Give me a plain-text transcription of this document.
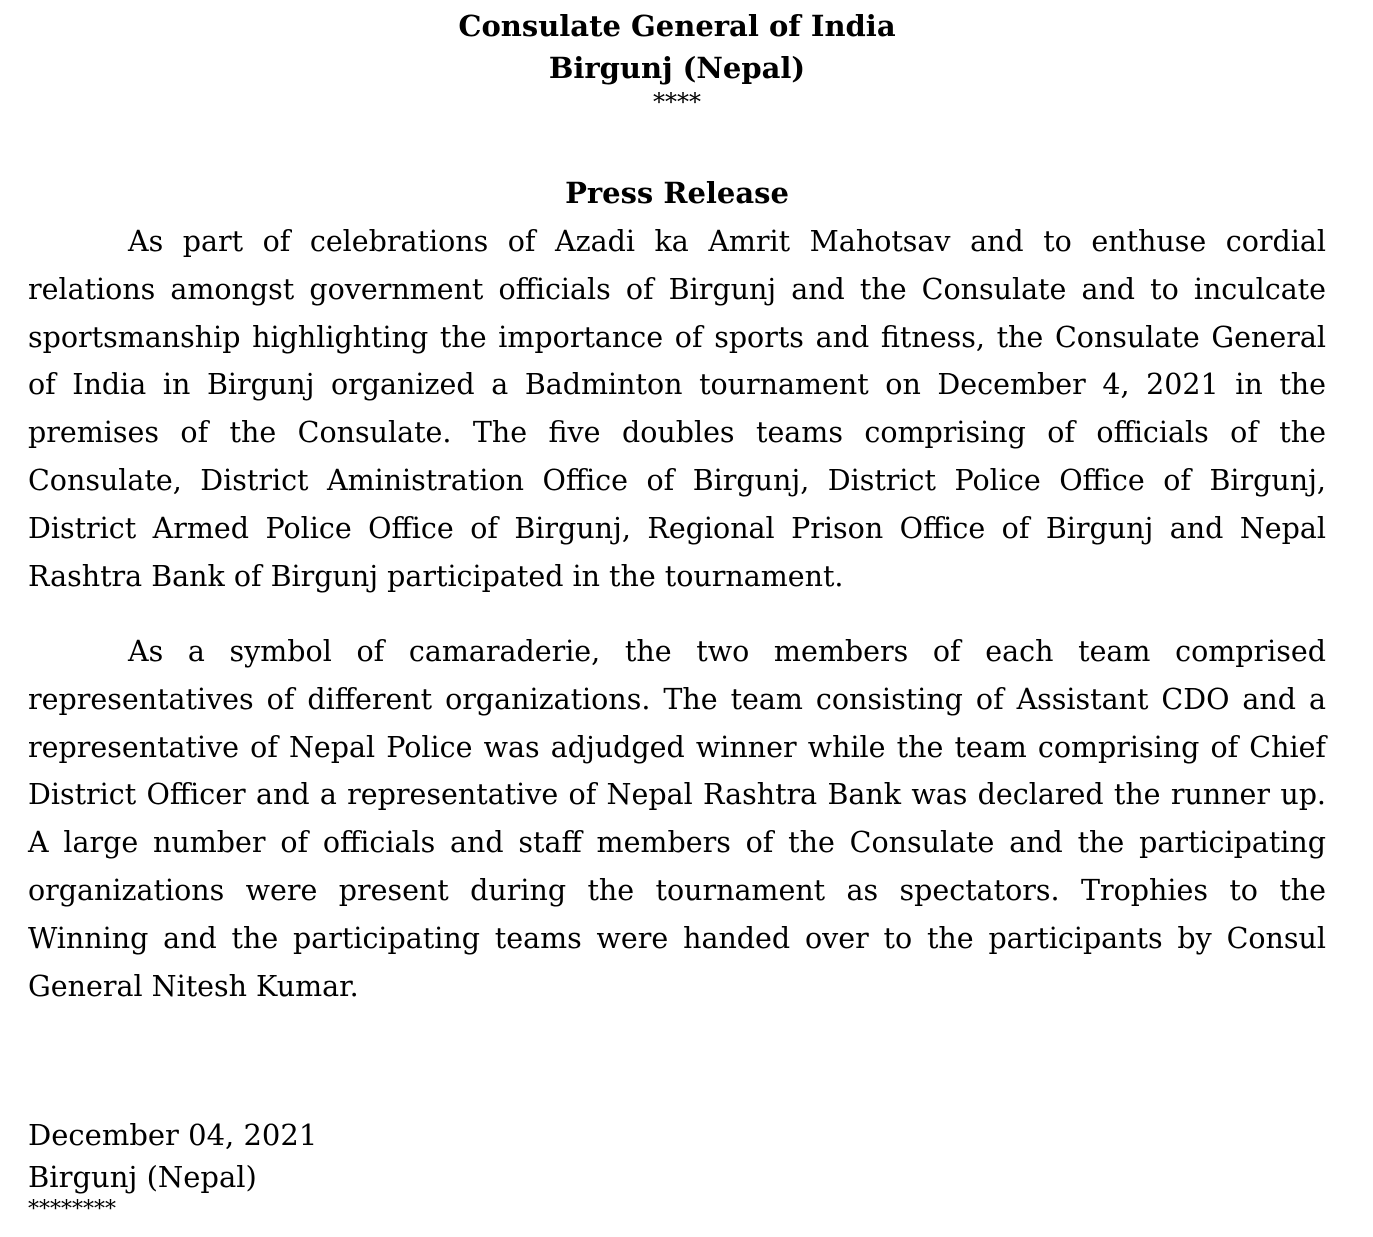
Consulate General of India
Birgunj (Nepal)
****
Press Release

As part of celebrations of Azadi ka Amrit Mahotsav and to enthuse cordial relations amongst government officials of Birgunj and the Consulate and to inculcate sportsmanship highlighting the importance of sports and fitness, the Consulate General of India in Birgunj organized a Badminton tournament on December 4, 2021 in the premises of the Consulate. The five doubles teams comprising of officials of the Consulate, District Aministration Office of Birgunj, District Police Office of Birgunj, District Armed Police Office of Birgunj, Regional Prison Office of Birgunj and Nepal Rashtra Bank of Birgunj participated in the tournament.

As a symbol of camaraderie, the two members of each team comprised representatives of different organizations. The team consisting of Assistant CDO and a representative of Nepal Police was adjudged winner while the team comprising of Chief District Officer and a representative of Nepal Rashtra Bank was declared the runner up. A large number of officials and staff members of the Consulate and the participating organizations were present during the tournament as spectators. Trophies to the Winning and the participating teams were handed over to the participants by Consul General Nitesh Kumar.

December 04, 2021
Birgunj (Nepal)
********
